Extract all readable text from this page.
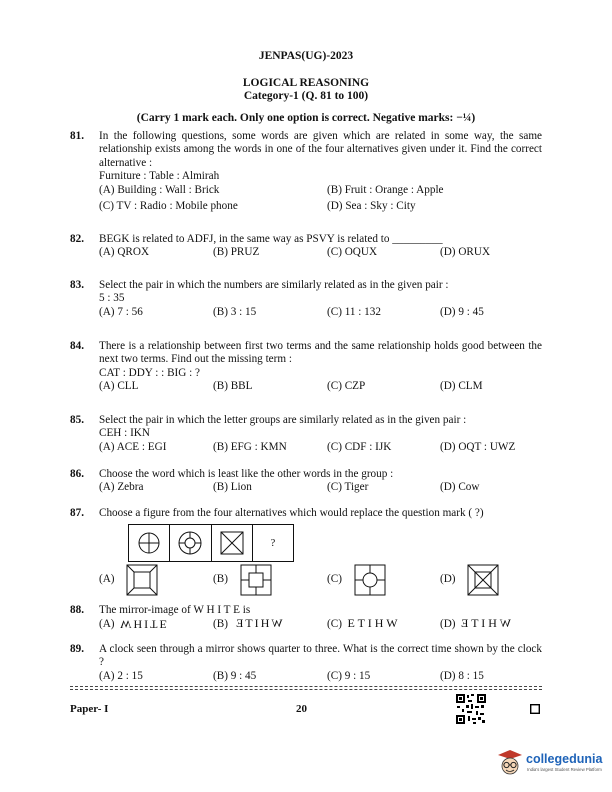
JENPAS(UG)-2023
LOGICAL REASONING
Category-1 (Q. 81 to 100)
(Carry 1 mark each. Only one option is correct. Negative marks: −¼)
81.	In the following questions, some words are given which are related in some way, the same relationship exists among the words in one of the four alternatives given under it. Find the correct alternative :
Furniture : Table : Almirah
(A) Building : Wall : Brick	(B) Fruit : Orange : Apple
(C) TV : Radio : Mobile phone	(D) Sea : Sky : City
82.	BEGK is related to ADFJ, in the same way as PSVY is related to _________
(A) QROX	(B) PRUZ	(C) OQUX	(D) ORUX
83.	Select the pair in which the numbers are similarly related as in the given pair :
5 : 35
(A) 7 : 56	(B) 3 : 15	(C) 11 : 132	(D) 9 : 45
84.	There is a relationship between first two terms and the same relationship holds good between the next two terms. Find out the missing term :
CAT : DDY : : BIG : ?
(A) CLL	(B) BBL	(C) CZP	(D) CLM
85.	Select the pair in which the letter groups are similarly related as in the given pair :
CEH : IKN
(A) ACE : EGI	(B) EFG : KMN	(C) CDF : IJK	(D) OQT : UWZ
86.	Choose the word which is least like the other words in the group :
(A) Zebra	(B) Lion	(C) Tiger	(D) Cow
87.	Choose a figure from the four alternatives which would replace the question mark ( ?)
?
(A)	(B)	(C)	(D)
88.	The mirror-image of W H I T E is
(A) WHITE	(B) WHITE	(C) E T I H W	(D) W H I T E
89.	A clock seen through a mirror shows quarter to three. What is the correct time shown by the clock ?
(A) 2 : 15	(B) 9 : 45	(C) 9 : 15	(D) 8 : 15
Paper- I	20
collegedunia
India's largest Student Review Platform
